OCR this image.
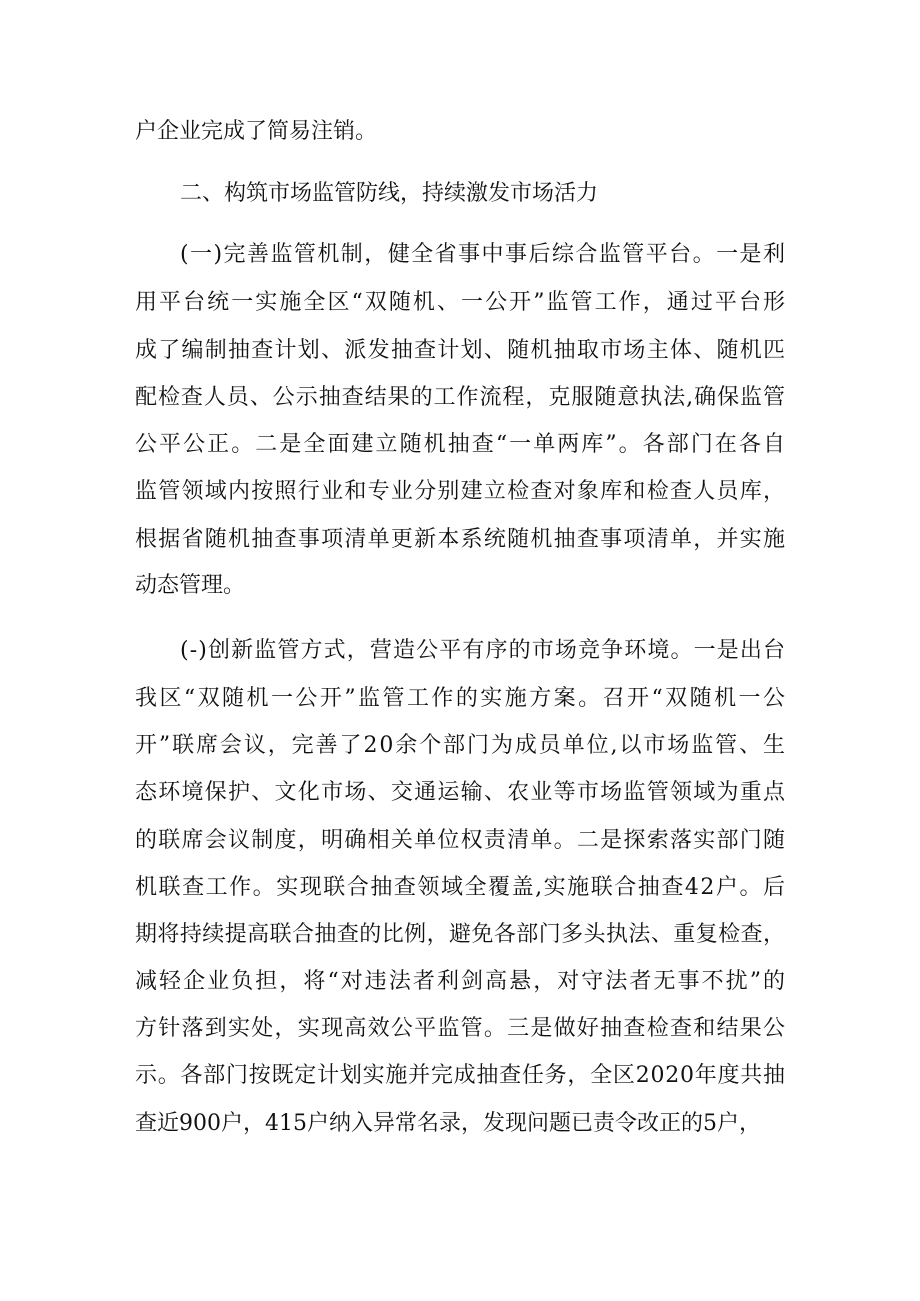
户企业完成了简易注销。

二、构筑市场监管防线，持续激发市场活力

(一)完善监管机制，健全省事中事后综合监管平台。一是利

用平台统一实施全区“双随机、一公开”监管工作，通过平台形

成了编制抽查计划、派发抽查计划、随机抽取市场主体、随机匹

配检查人员、公示抽查结果的工作流程，克服随意执法,确保监管

公平公正。二是全面建立随机抽查“一单两库”。各部门在各自

监管领域内按照行业和专业分别建立检查对象库和检查人员库，

根据省随机抽查事项清单更新本系统随机抽查事项清单，并实施

动态管理。

(-)创新监管方式，营造公平有序的市场竞争环境。一是出台

我区“双随机一公开”监管工作的实施方案。召开“双随机一公

开”联席会议，完善了20余个部门为成员单位,以市场监管、生

态环境保护、文化市场、交通运输、农业等市场监管领域为重点

的联席会议制度，明确相关单位权责清单。二是探索落实部门随

机联查工作。实现联合抽查领域全覆盖,实施联合抽查42户。后

期将持续提高联合抽查的比例，避免各部门多头执法、重复检查，

减轻企业负担，将“对违法者利剑高悬，对守法者无事不扰”的

方针落到实处，实现高效公平监管。三是做好抽查检查和结果公

示。各部门按既定计划实施并完成抽查任务，全区2020年度共抽

查近900户，415户纳入异常名录，发现问题已责令改正的5户，
